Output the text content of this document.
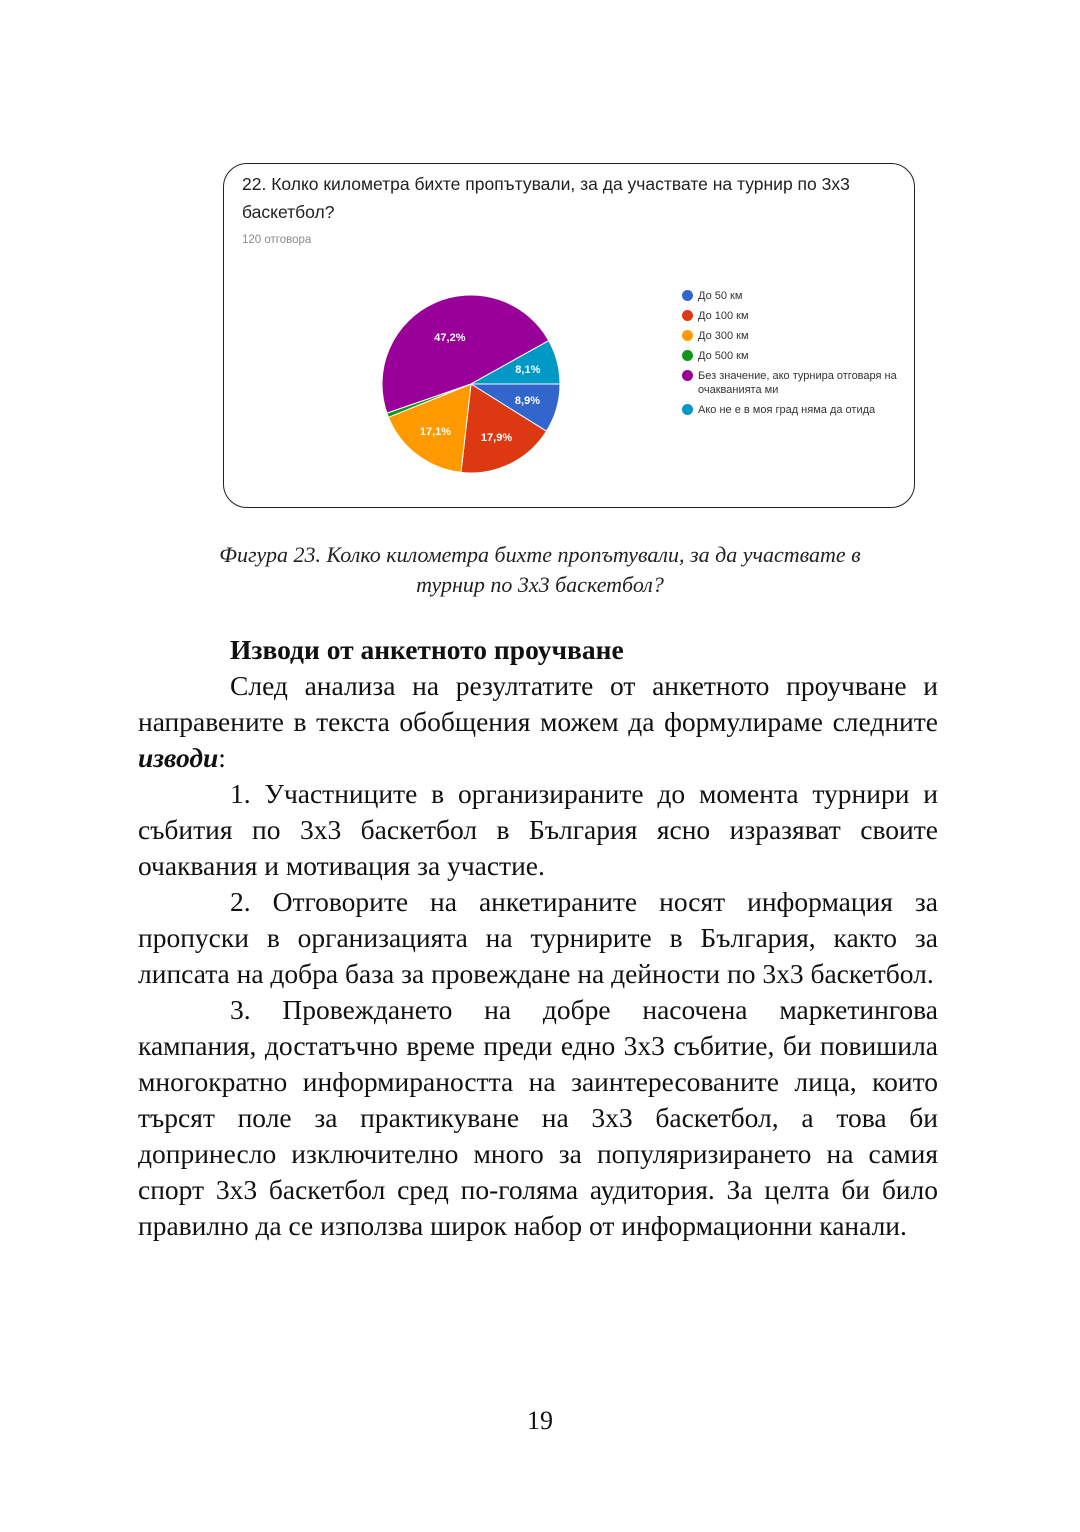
22. Колко километра бихте пропътували, за да участвате на турнир по 3х3 баскетбол?
120 отговора
8,9%
17,9%
17,1%
47,2%
8,1%
До 50 км
До 100 км
До 300 км
До 500 км
Без значение, ако турнира отговаря на очакванията ми
Ако не е в моя град няма да отида
Фигура 23. Колко километра бихте пропътували, за да участвате в
турнир по 3х3 баскетбол?

Изводи от анкетното проучване

След анализа на резултатите от анкетното проучване и направените в текста обобщения можем да формулираме следните изводи:

1. Участниците в организираните до момента турнири и събития по 3х3 баскетбол в България ясно изразяват своите очаквания и мотивация за участие.

2. Отговорите на анкетираните носят информация за пропуски в организацията на турнирите в България, както за липсата на добра база за провеждане на дейности по 3х3 баскетбол.

3. Провеждането на добре насочена маркетингова кампания, достатъчно време преди едно 3х3 събитие, би повишила многократно информираността на заинтересованите лица, които търсят поле за практикуване на 3х3 баскетбол, а това би допринесло изключително много за популяризирането на самия спорт 3х3 баскетбол сред по-голяма аудитория. За целта би било правилно да се използва широк набор от информационни канали.

19
